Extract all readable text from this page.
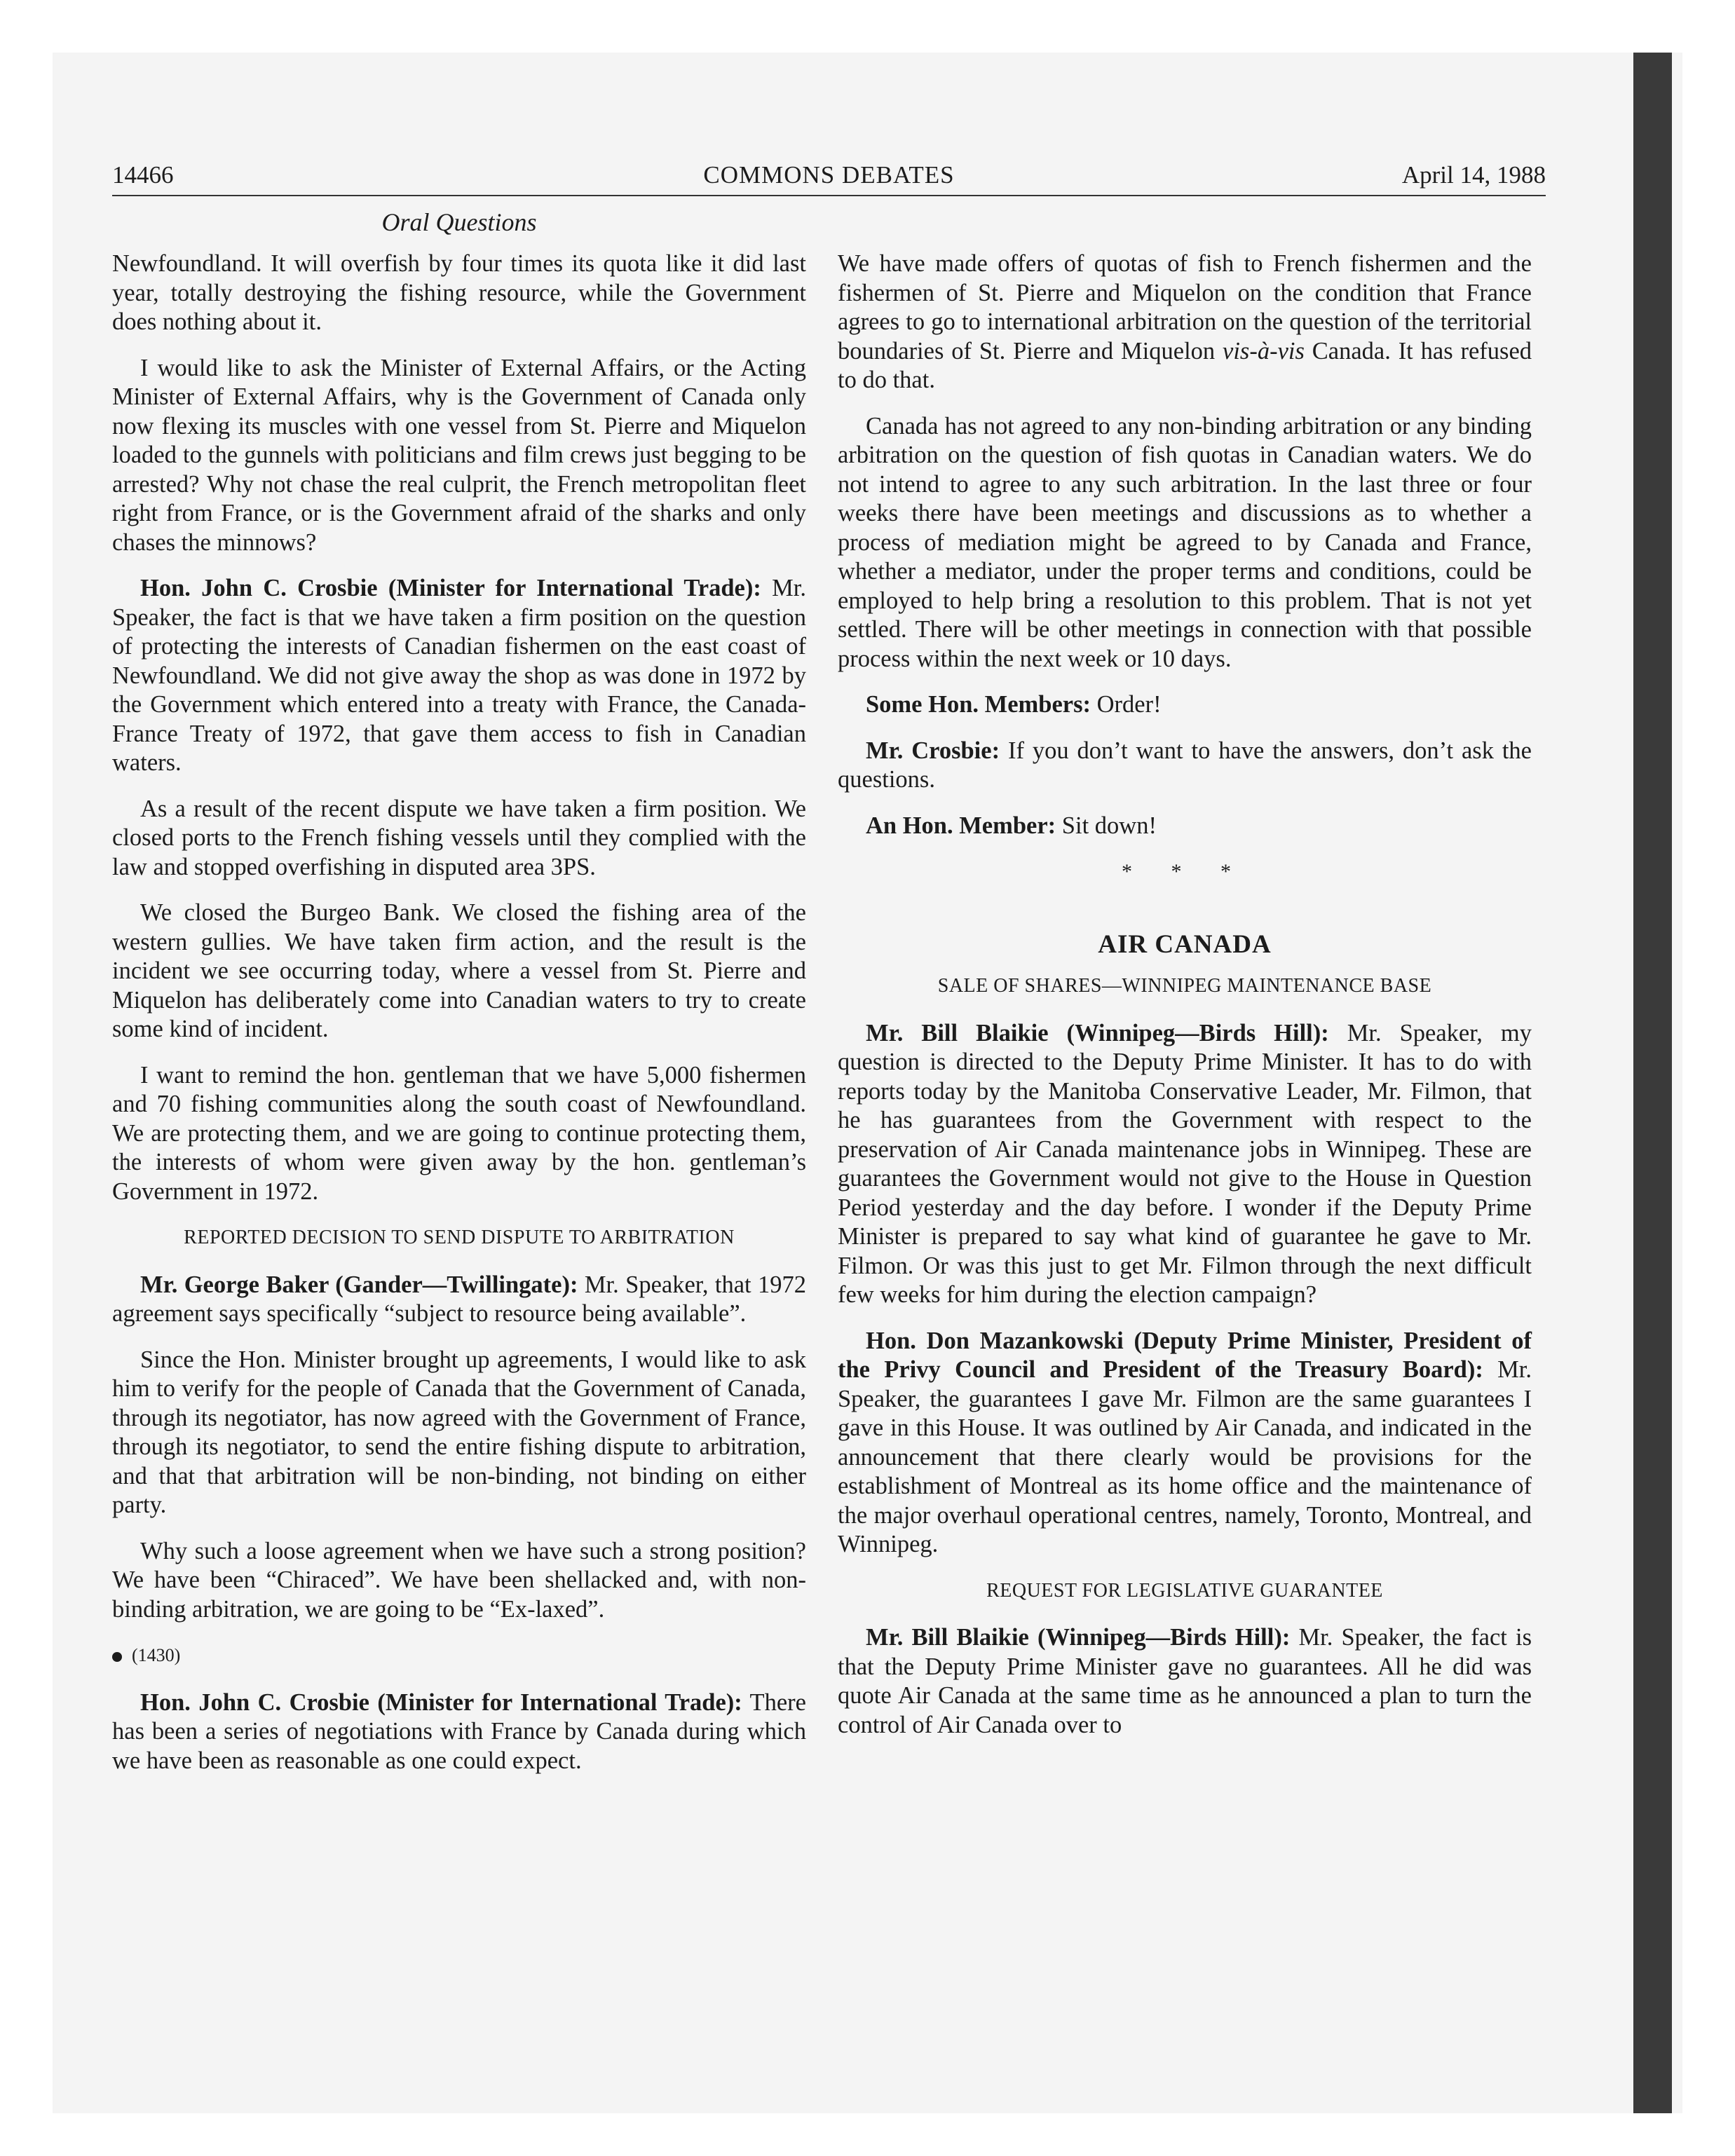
14466	COMMONS DEBATES	April 14, 1988
Oral Questions

Newfoundland. It will overfish by four times its quota like it did last year, totally destroying the fishing resource, while the Government does nothing about it.

I would like to ask the Minister of External Affairs, or the Acting Minister of External Affairs, why is the Government of Canada only now flexing its muscles with one vessel from St. Pierre and Miquelon loaded to the gunnels with politicians and film crews just begging to be arrested? Why not chase the real culprit, the French metropolitan fleet right from France, or is the Government afraid of the sharks and only chases the minnows?

Hon. John C. Crosbie (Minister for International Trade): Mr. Speaker, the fact is that we have taken a firm position on the question of protecting the interests of Canadian fishermen on the east coast of Newfoundland. We did not give away the shop as was done in 1972 by the Government which entered into a treaty with France, the Canada-France Treaty of 1972, that gave them access to fish in Canadian waters.

As a result of the recent dispute we have taken a firm position. We closed ports to the French fishing vessels until they complied with the law and stopped overfishing in disputed area 3PS.

We closed the Burgeo Bank. We closed the fishing area of the western gullies. We have taken firm action, and the result is the incident we see occurring today, where a vessel from St. Pierre and Miquelon has deliberately come into Canadian waters to try to create some kind of incident.

I want to remind the hon. gentleman that we have 5,000 fishermen and 70 fishing communities along the south coast of Newfoundland. We are protecting them, and we are going to continue protecting them, the interests of whom were given away by the hon. gentleman’s Government in 1972.

REPORTED DECISION TO SEND DISPUTE TO ARBITRATION

Mr. George Baker (Gander—Twillingate): Mr. Speaker, that 1972 agreement says specifically “subject to resource being available”.

Since the Hon. Minister brought up agreements, I would like to ask him to verify for the people of Canada that the Government of Canada, through its negotiator, has now agreed with the Government of France, through its negotiator, to send the entire fishing dispute to arbitration, and that that arbitration will be non-binding, not binding on either party.

Why such a loose agreement when we have such a strong position? We have been “Chiraced”. We have been shellacked and, with non-binding arbitration, we are going to be “Ex-laxed”.

(1430)

Hon. John C. Crosbie (Minister for International Trade): There has been a series of negotiations with France by Canada during which we have been as reasonable as one could expect.

We have made offers of quotas of fish to French fishermen and the fishermen of St. Pierre and Miquelon on the condition that France agrees to go to international arbitration on the question of the territorial boundaries of St. Pierre and Miquelon vis-à-vis Canada. It has refused to do that.

Canada has not agreed to any non-binding arbitration or any binding arbitration on the question of fish quotas in Canadian waters. We do not intend to agree to any such arbitration. In the last three or four weeks there have been meetings and discussions as to whether a process of mediation might be agreed to by Canada and France, whether a mediator, under the proper terms and conditions, could be employed to help bring a resolution to this problem. That is not yet settled. There will be other meetings in connection with that possible process within the next week or 10 days.

Some Hon. Members: Order!

Mr. Crosbie: If you don’t want to have the answers, don’t ask the questions.

An Hon. Member: Sit down!

* * *
AIR CANADA
SALE OF SHARES—WINNIPEG MAINTENANCE BASE

Mr. Bill Blaikie (Winnipeg—Birds Hill): Mr. Speaker, my question is directed to the Deputy Prime Minister. It has to do with reports today by the Manitoba Conservative Leader, Mr. Filmon, that he has guarantees from the Government with respect to the preservation of Air Canada maintenance jobs in Winnipeg. These are guarantees the Government would not give to the House in Question Period yesterday and the day before. I wonder if the Deputy Prime Minister is prepared to say what kind of guarantee he gave to Mr. Filmon. Or was this just to get Mr. Filmon through the next difficult few weeks for him during the election campaign?

Hon. Don Mazankowski (Deputy Prime Minister, President of the Privy Council and President of the Treasury Board): Mr. Speaker, the guarantees I gave Mr. Filmon are the same guarantees I gave in this House. It was outlined by Air Canada, and indicated in the announcement that there clearly would be provisions for the establishment of Montreal as its home office and the maintenance of the major overhaul operational centres, namely, Toronto, Montreal, and Winnipeg.

REQUEST FOR LEGISLATIVE GUARANTEE

Mr. Bill Blaikie (Winnipeg—Birds Hill): Mr. Speaker, the fact is that the Deputy Prime Minister gave no guarantees. All he did was quote Air Canada at the same time as he announced a plan to turn the control of Air Canada over to
